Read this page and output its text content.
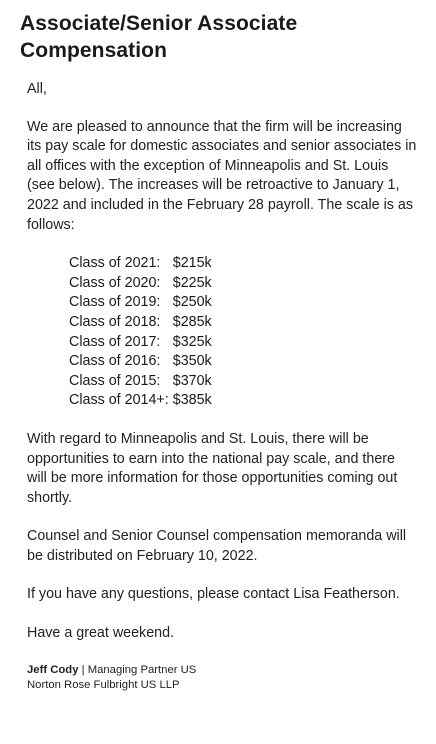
Associate/Senior Associate Compensation

All,

We are pleased to announce that the firm will be increasing its pay scale for domestic associates and senior associates in all offices with the exception of Minneapolis and St. Louis (see below). The increases will be retroactive to January 1, 2022 and included in the February 28 payroll. The scale is as follows:

Class of 2021:	$215k
Class of 2020:	$225k
Class of 2019:	$250k
Class of 2018:	$285k
Class of 2017:	$325k
Class of 2016:	$350k
Class of 2015:	$370k
Class of 2014+:	$385k

With regard to Minneapolis and St. Louis, there will be opportunities to earn into the national pay scale, and there will be more information for those opportunities coming out shortly.

Counsel and Senior Counsel compensation memoranda will be distributed on February 10, 2022.

If you have any questions, please contact Lisa Featherson.

Have a great weekend.

Jeff Cody | Managing Partner US
Norton Rose Fulbright US LLP
